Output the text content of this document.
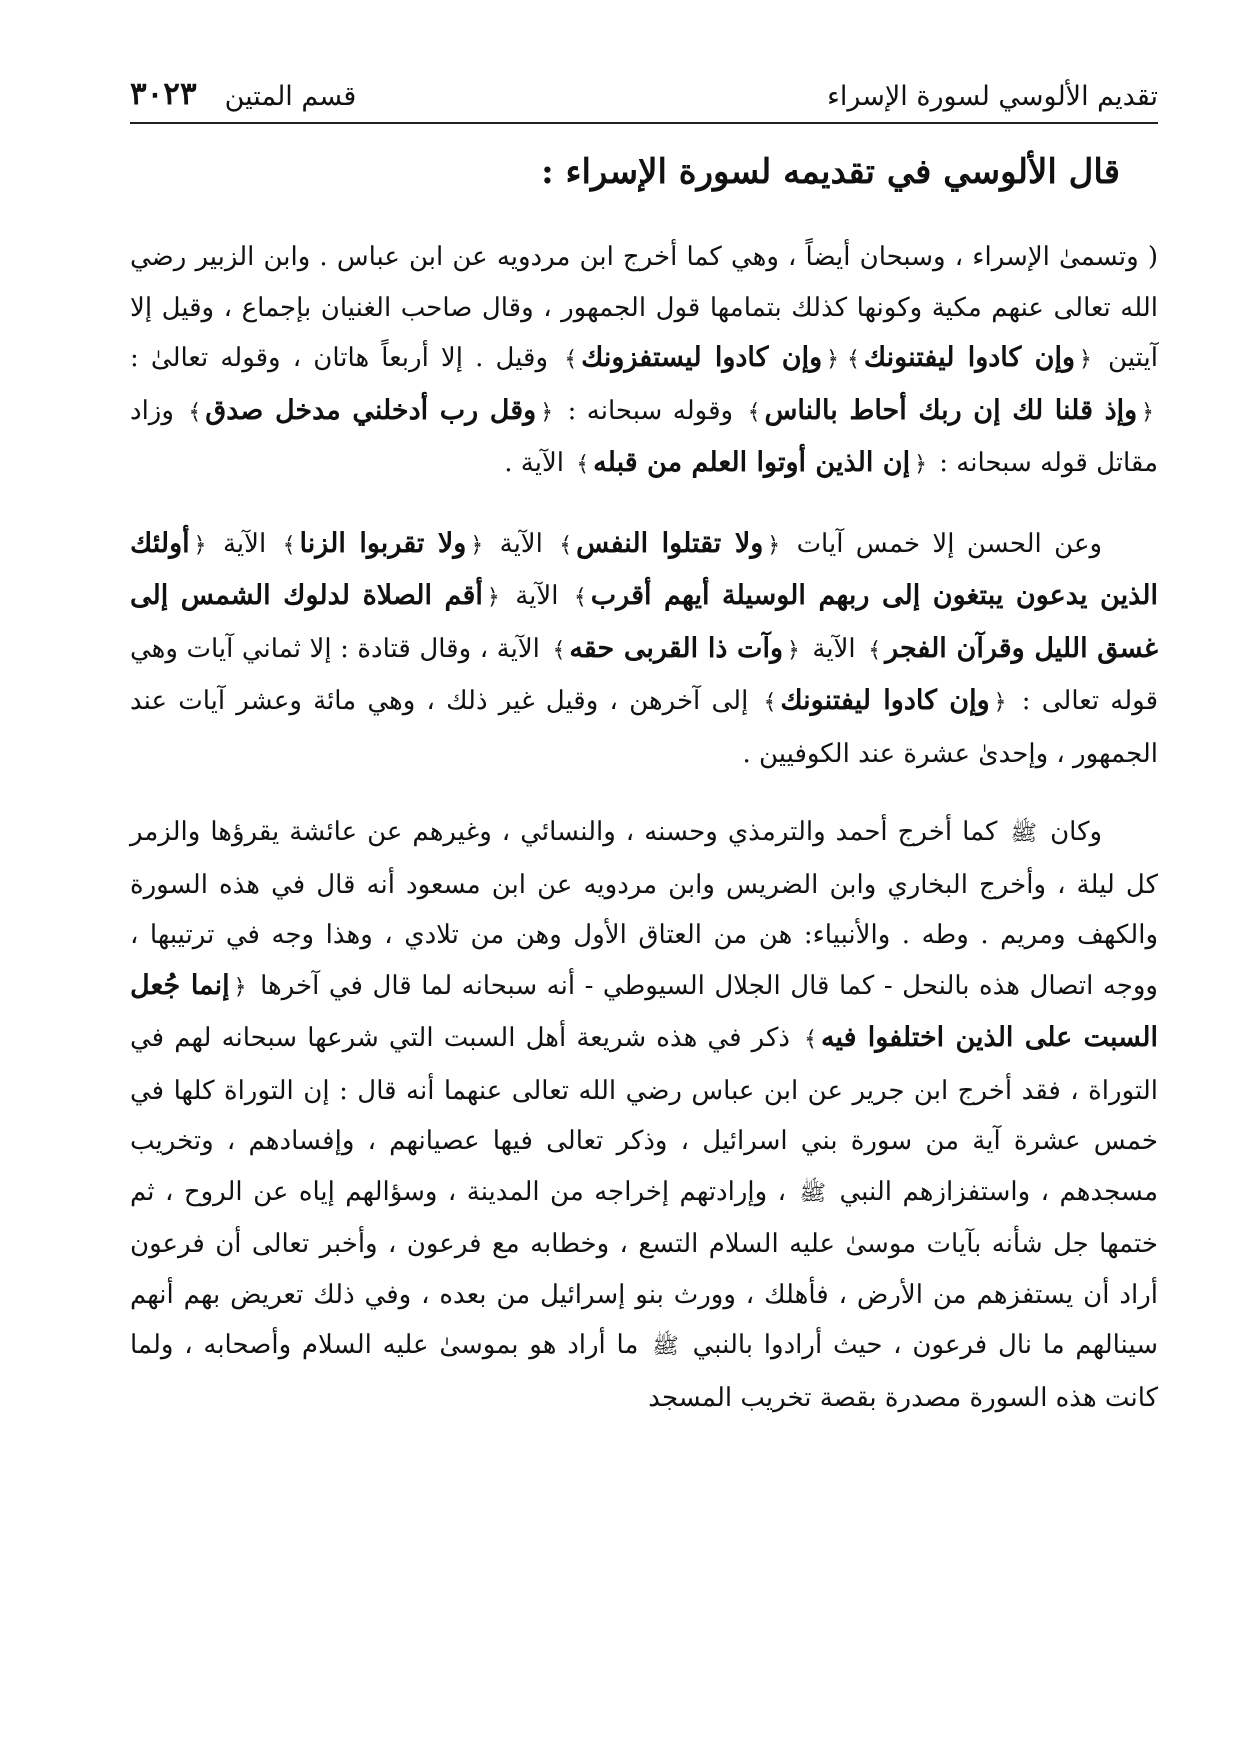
تقديم الألوسي لسورة الإسراء
قسم المتين
٣٠٢٣
قال الألوسي في تقديمه لسورة الإسراء :

( وتسمىٰ الإسراء ، وسبحان أيضاً ، وهي كما أخرج ابن مردويه عن ابن عباس . وابن الزبير رضي الله تعالى عنهم مكية وكونها كذلك بتمامها قول الجمهور ، وقال صاحب الغنيان بإجماع ، وقيل إلا آيتين ﴿وإن كادوا ليفتنونك﴾﴿وإن كادوا ليستفزونك﴾ وقيل . إلا أربعاً هاتان ، وقوله تعالىٰ : ﴿وإذ قلنا لك إن ربك أحاط بالناس﴾ وقوله سبحانه : ﴿وقل رب أدخلني مدخل صدق﴾ وزاد مقاتل قوله سبحانه : ﴿إن الذين أوتوا العلم من قبله﴾ الآية .

وعن الحسن إلا خمس آيات ﴿ولا تقتلوا النفس﴾ الآية ﴿ولا تقربوا الزنا﴾ الآية ﴿أولئك الذين يدعون يبتغون إلى ربهم الوسيلة أيهم أقرب﴾ الآية ﴿أقم الصلاة لدلوك الشمس إلى غسق الليل وقرآن الفجر﴾ الآية ﴿وآت ذا القربى حقه﴾ الآية ، وقال قتادة : إلا ثماني آيات وهي قوله تعالى : ﴿وإن كادوا ليفتنونك﴾ إلى آخرهن ، وقيل غير ذلك ، وهي مائة وعشر آيات عند الجمهور ، وإحدىٰ عشرة عند الكوفيين .

وكان ﷺ كما أخرج أحمد والترمذي وحسنه ، والنسائي ، وغيرهم عن عائشة يقرؤها والزمر كل ليلة ، وأخرج البخاري وابن الضريس وابن مردويه عن ابن مسعود أنه قال في هذه السورة والكهف ومريم . وطه . والأنبياء: هن من العتاق الأول وهن من تلادي ، وهذا وجه في ترتيبها ، ووجه اتصال هذه بالنحل - كما قال الجلال السيوطي - أنه سبحانه لما قال في آخرها ﴿إنما جُعل السبت على الذين اختلفوا فيه﴾ ذكر في هذه شريعة أهل السبت التي شرعها سبحانه لهم في التوراة ، فقد أخرج ابن جرير عن ابن عباس رضي الله تعالى عنهما أنه قال : إن التوراة كلها في خمس عشرة آية من سورة بني اسرائيل ، وذكر تعالى فيها عصيانهم ، وإفسادهم ، وتخريب مسجدهم ، واستفزازهم النبي ﷺ ، وإرادتهم إخراجه من المدينة ، وسؤالهم إياه عن الروح ، ثم ختمها جل شأنه بآيات موسىٰ عليه السلام التسع ، وخطابه مع فرعون ، وأخبر تعالى أن فرعون أراد أن يستفزهم من الأرض ، فأهلك ، وورث بنو إسرائيل من بعده ، وفي ذلك تعريض بهم أنهم سينالهم ما نال فرعون ، حيث أرادوا بالنبي ﷺ ما أراد هو بموسىٰ عليه السلام وأصحابه ، ولما كانت هذه السورة مصدرة بقصة تخريب المسجد
